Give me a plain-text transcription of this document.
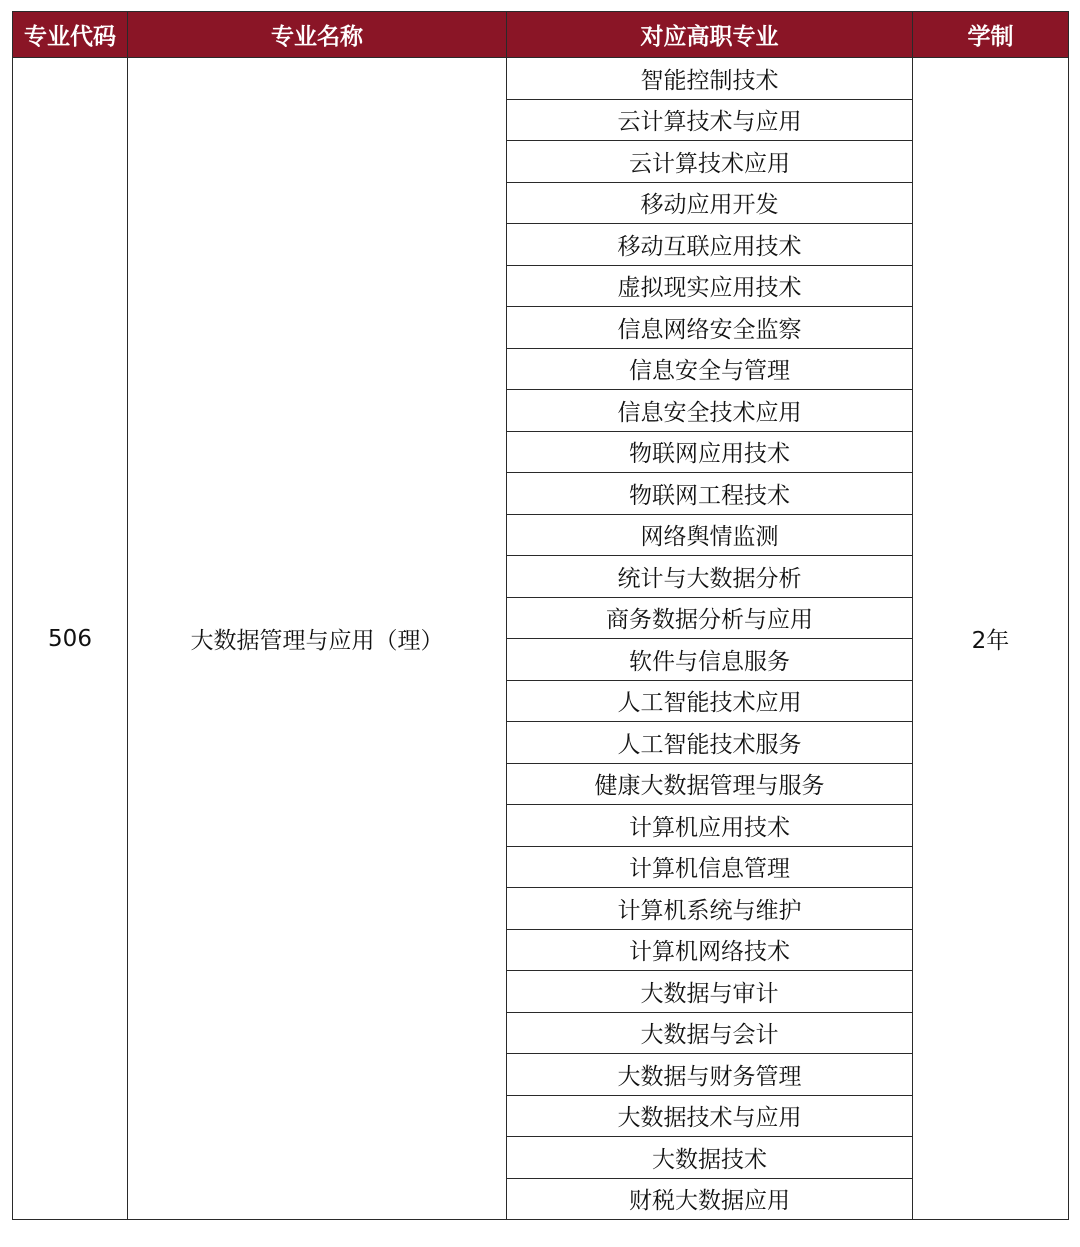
专业代码	专业名称	对应高职专业	学制
506	大数据管理与应用（理）	智能控制技术	2年
		云计算技术与应用	
		云计算技术应用	
		移动应用开发	
		移动互联应用技术	
		虚拟现实应用技术	
		信息网络安全监察	
		信息安全与管理	
		信息安全技术应用	
		物联网应用技术	
		物联网工程技术	
		网络舆情监测	
		统计与大数据分析	
		商务数据分析与应用	
		软件与信息服务	
		人工智能技术应用	
		人工智能技术服务	
		健康大数据管理与服务	
		计算机应用技术	
		计算机信息管理	
		计算机系统与维护	
		计算机网络技术	
		大数据与审计	
		大数据与会计	
		大数据与财务管理	
		大数据技术与应用	
		大数据技术	
		财税大数据应用	
